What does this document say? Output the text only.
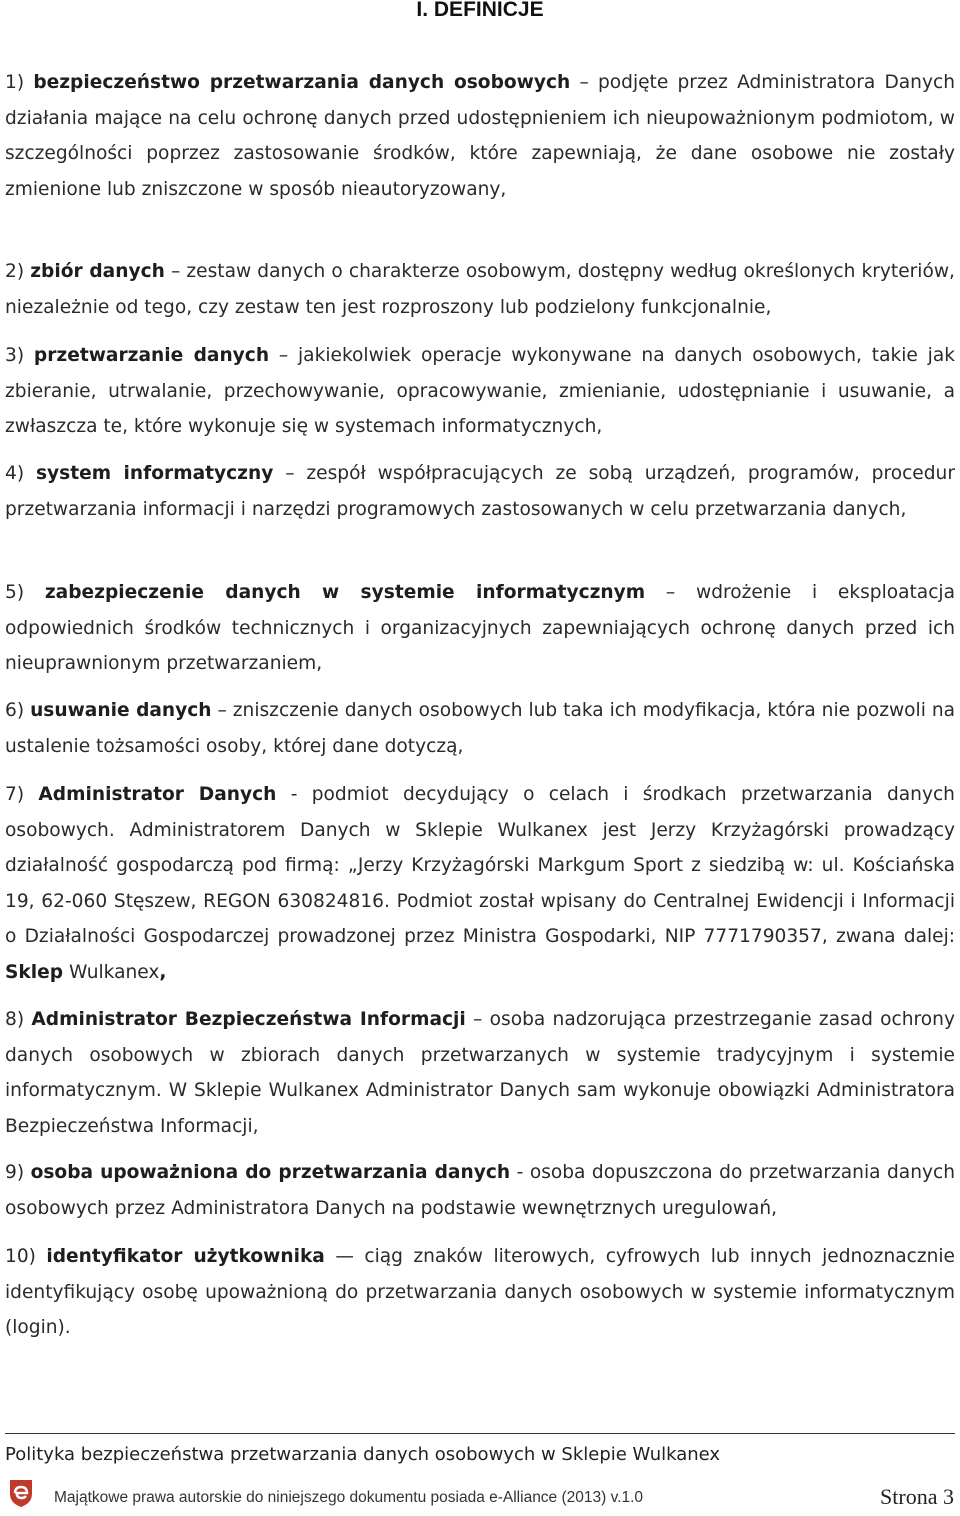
I. DEFINICJE

1) bezpieczeństwo przetwarzania danych osobowych – podjęte przez Administratora Danych działania mające na celu ochronę danych przed udostępnieniem ich nieupoważnionym podmiotom, w szczególności poprzez zastosowanie środków, które zapewniają, że dane osobowe nie zostały zmienione lub zniszczone w sposób nieautoryzowany,

2) zbiór danych – zestaw danych o charakterze osobowym, dostępny według określonych kryteriów, niezależnie od tego, czy zestaw ten jest rozproszony lub podzielony funkcjonalnie,

3) przetwarzanie danych – jakiekolwiek operacje wykonywane na danych osobowych, takie jak zbieranie, utrwalanie, przechowywanie, opracowywanie, zmienianie, udostępnianie i usuwanie, a zwłaszcza te, które wykonuje się w systemach informatycznych,

4) system informatyczny – zespół współpracujących ze sobą urządzeń, programów, procedur przetwarzania informacji i narzędzi programowych zastosowanych w celu przetwarzania danych,

5) zabezpieczenie danych w systemie informatycznym – wdrożenie i eksploatacja odpowiednich środków technicznych i organizacyjnych zapewniających ochronę danych przed ich nieuprawnionym przetwarzaniem,

6) usuwanie danych – zniszczenie danych osobowych lub taka ich modyfikacja, która nie pozwoli na ustalenie tożsamości osoby, której dane dotyczą,

7) Administrator Danych - podmiot decydujący o celach i środkach przetwarzania danych osobowych. Administratorem Danych w Sklepie Wulkanex jest Jerzy Krzyżagórski prowadzący działalność gospodarczą pod firmą: „Jerzy Krzyżagórski Markgum Sport z siedzibą w: ul. Kościańska 19, 62-060 Stęszew, REGON 630824816. Podmiot został wpisany do Centralnej Ewidencji i Informacji o Działalności Gospodarczej prowadzonej przez Ministra Gospodarki, NIP 7771790357, zwana dalej: Sklep Wulkanex,

8) Administrator Bezpieczeństwa Informacji – osoba nadzorująca przestrzeganie zasad ochrony danych osobowych w zbiorach danych przetwarzanych w systemie tradycyjnym i systemie informatycznym. W Sklepie Wulkanex Administrator Danych sam wykonuje obowiązki Administratora Bezpieczeństwa Informacji,

9) osoba upoważniona do przetwarzania danych - osoba dopuszczona do przetwarzania danych osobowych przez Administratora Danych na podstawie wewnętrznych uregulowań,

10) identyfikator użytkownika — ciąg znaków literowych, cyfrowych lub innych jednoznacznie identyfikujący osobę upoważnioną do przetwarzania danych osobowych w systemie informatycznym (login).

Polityka bezpieczeństwa przetwarzania danych osobowych w Sklepie Wulkanex
Majątkowe prawa autorskie do niniejszego dokumentu posiada e-Alliance (2013) v.1.0	Strona 3
